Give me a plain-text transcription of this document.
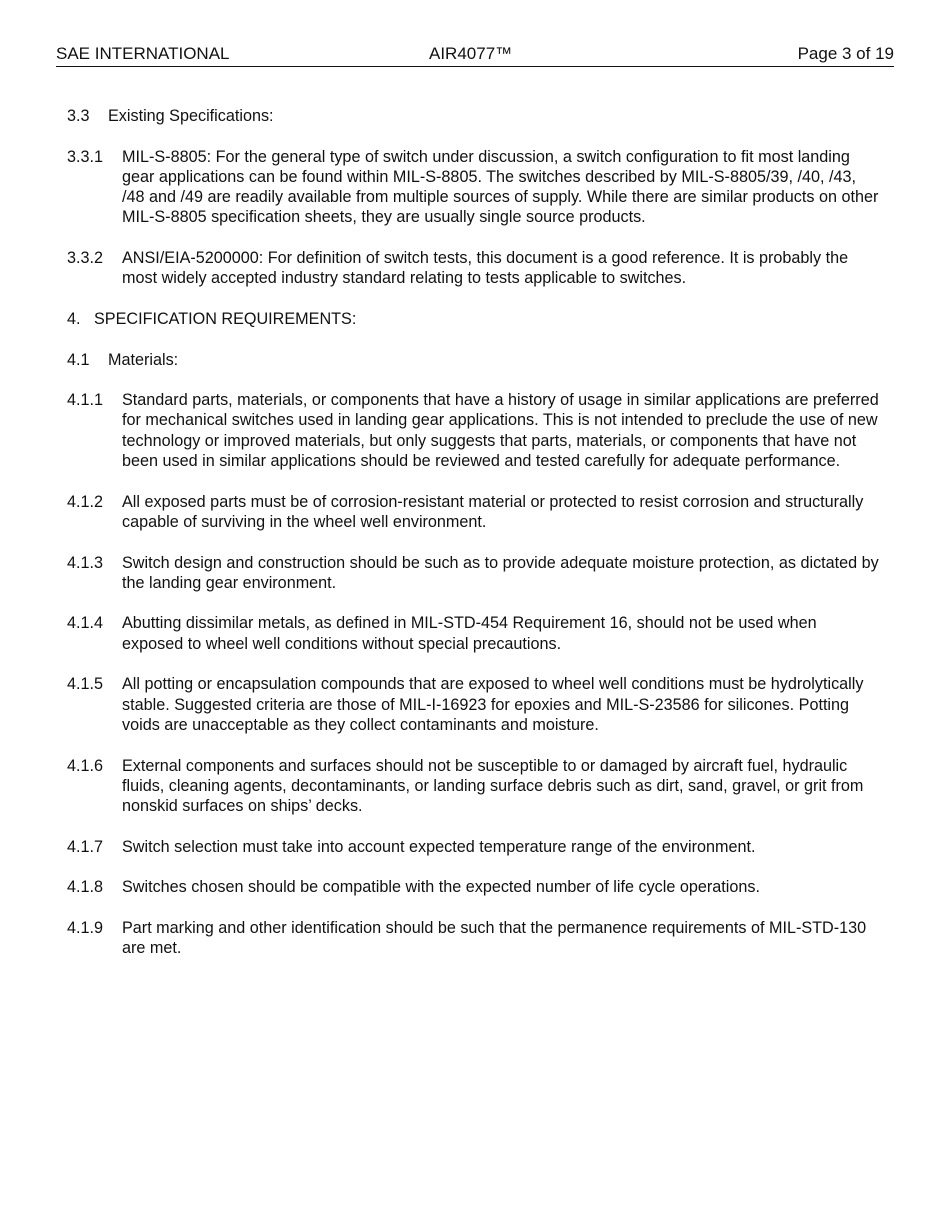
SAE INTERNATIONAL	AIR4077™	Page 3 of 19
3.3	Existing Specifications:
3.3.1	MIL-S-8805: For the general type of switch under discussion, a switch configuration to fit most landing gear applications can be found within MIL-S-8805. The switches described by MIL-S-8805/39, /40, /43, /48 and /49 are readily available from multiple sources of supply. While there are similar products on other MIL-S-8805 specification sheets, they are usually single source products.
3.3.2	ANSI/EIA-5200000: For definition of switch tests, this document is a good reference. It is probably the most widely accepted industry standard relating to tests applicable to switches.
4. SPECIFICATION REQUIREMENTS:
4.1	Materials:
4.1.1	Standard parts, materials, or components that have a history of usage in similar applications are preferred for mechanical switches used in landing gear applications. This is not intended to preclude the use of new technology or improved materials, but only suggests that parts, materials, or components that have not been used in similar applications should be reviewed and tested carefully for adequate performance.
4.1.2	All exposed parts must be of corrosion-resistant material or protected to resist corrosion and structurally capable of surviving in the wheel well environment.
4.1.3	Switch design and construction should be such as to provide adequate moisture protection, as dictated by the landing gear environment.
4.1.4	Abutting dissimilar metals, as defined in MIL-STD-454 Requirement 16, should not be used when exposed to wheel well conditions without special precautions.
4.1.5	All potting or encapsulation compounds that are exposed to wheel well conditions must be hydrolytically stable. Suggested criteria are those of MIL-I-16923 for epoxies and MIL-S-23586 for silicones. Potting voids are unacceptable as they collect contaminants and moisture.
4.1.6	External components and surfaces should not be susceptible to or damaged by aircraft fuel, hydraulic fluids, cleaning agents, decontaminants, or landing surface debris such as dirt, sand, gravel, or grit from nonskid surfaces on ships’ decks.
4.1.7	Switch selection must take into account expected temperature range of the environment.
4.1.8	Switches chosen should be compatible with the expected number of life cycle operations.
4.1.9	Part marking and other identification should be such that the permanence requirements of MIL-STD-130 are met.
